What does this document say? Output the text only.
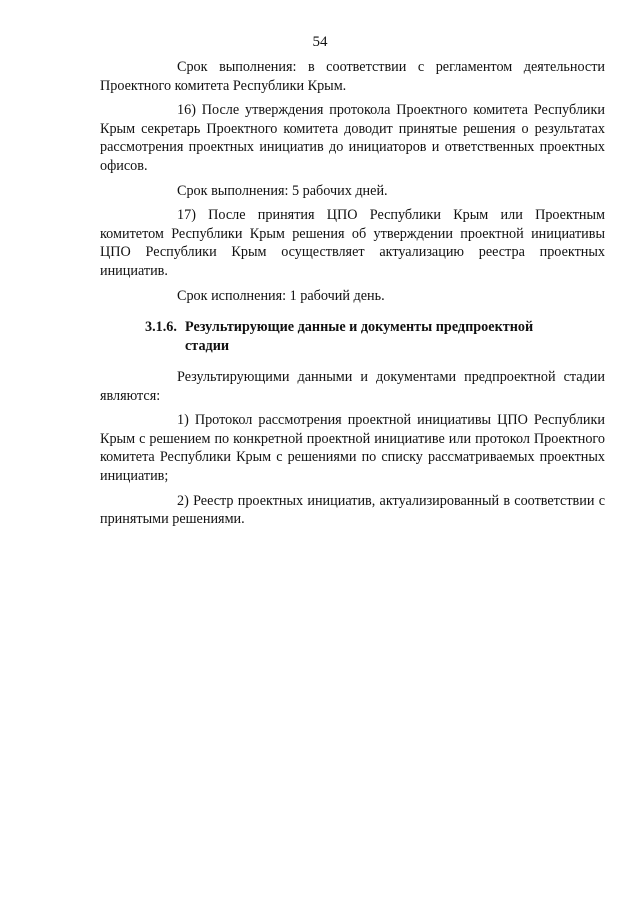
54

Срок выполнения: в соответствии с регламентом деятельности Проектного комитета Республики Крым.

16) После утверждения протокола Проектного комитета Республики Крым секретарь Проектного комитета доводит принятые решения о результатах рассмотрения проектных инициатив до инициаторов и ответственных проектных офисов.

Срок выполнения: 5 рабочих дней.

17) После принятия ЦПО Республики Крым или Проектным комитетом Республики Крым решения об утверждении проектной инициативы ЦПО Республики Крым осуществляет актуализацию реестра проектных инициатив.

Срок исполнения: 1 рабочий день.

3.1.6. Результирующие данные и документы предпроектной
стадии

Результирующими данными и документами предпроектной стадии являются:

1) Протокол рассмотрения проектной инициативы ЦПО Республики Крым с решением по конкретной проектной инициативе или протокол Проектного комитета Республики Крым с решениями по списку рассматриваемых проектных инициатив;

2) Реестр проектных инициатив, актуализированный в соответствии с принятыми решениями.
